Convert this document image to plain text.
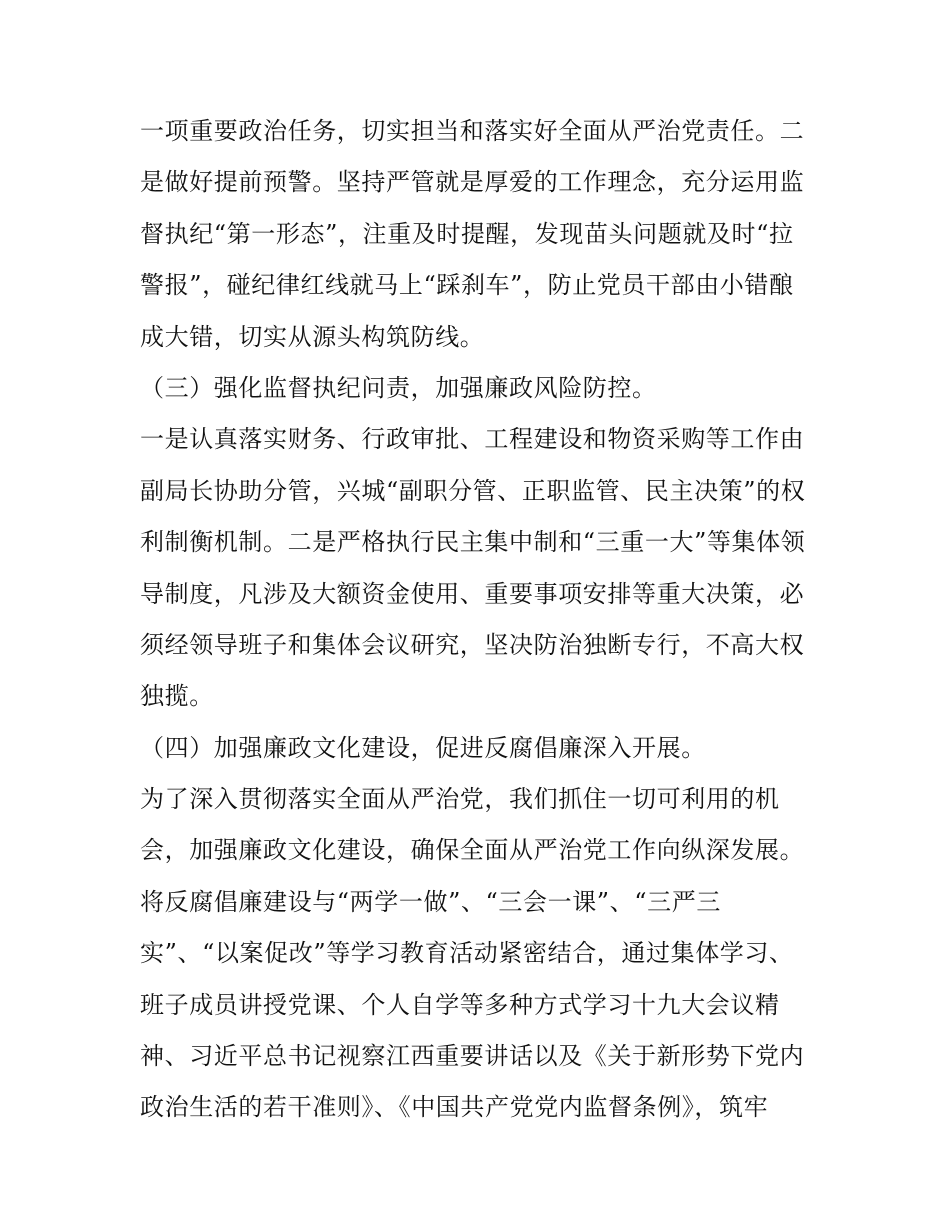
一项重要政治任务，切实担当和落实好全面从严治党责任。二
是做好提前预警。坚持严管就是厚爱的工作理念，充分运用监
督执纪“第一形态”，注重及时提醒，发现苗头问题就及时“拉
警报”，碰纪律红线就马上“踩刹车”，防止党员干部由小错酿
成大错，切实从源头构筑防线。
（三）强化监督执纪问责，加强廉政风险防控。
一是认真落实财务、行政审批、工程建设和物资采购等工作由
副局长协助分管，兴城“副职分管、正职监管、民主决策”的权
利制衡机制。二是严格执行民主集中制和“三重一大”等集体领
导制度，凡涉及大额资金使用、重要事项安排等重大决策，必
须经领导班子和集体会议研究，坚决防治独断专行，不高大权
独揽。
（四）加强廉政文化建设，促进反腐倡廉深入开展。
为了深入贯彻落实全面从严治党，我们抓住一切可利用的机
会，加强廉政文化建设，确保全面从严治党工作向纵深发展。
将反腐倡廉建设与“两学一做”、“三会一课”、“三严三
实”、“以案促改”等学习教育活动紧密结合，通过集体学习、
班子成员讲授党课、个人自学等多种方式学习十九大会议精
神、习近平总书记视察江西重要讲话以及《关于新形势下党内
政治生活的若干准则》、《中国共产党党内监督条例》，筑牢
